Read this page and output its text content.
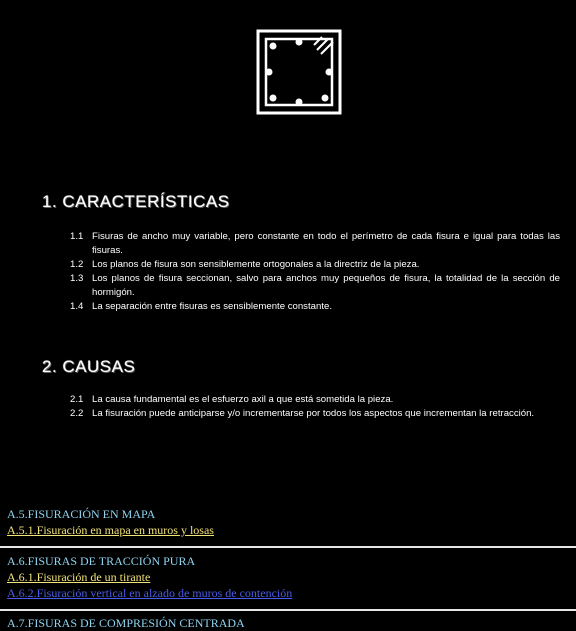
1. CARACTERÍSTICAS
1.1 Fisuras de ancho muy variable, pero constante en todo el perímetro de cada fisura e igual para todas las fisuras.
1.2 Los planos de fisura son sensiblemente ortogonales a la directriz de la pieza.
1.3 Los planos de fisura seccionan, salvo para anchos muy pequeños de fisura, la totalidad de la sección de hormigón.
1.4 La separación entre fisuras es sensiblemente constante.
2. CAUSAS
2.1 La causa fundamental es el esfuerzo axil a que está sometida la pieza.
2.2 La fisuración puede anticiparse y/o incrementarse por todos los aspectos que incrementan la retracción.
A.5.FISURACIÓN EN MAPA
A.5.1.Fisuración en mapa en muros y losas
A.6.FISURAS DE TRACCIÓN PURA
A.6.1.Fisuración de un tirante
A.6.2.Fisuración vertical en alzado de muros de contención
A.7.FISURAS DE COMPRESIÓN CENTRADA
